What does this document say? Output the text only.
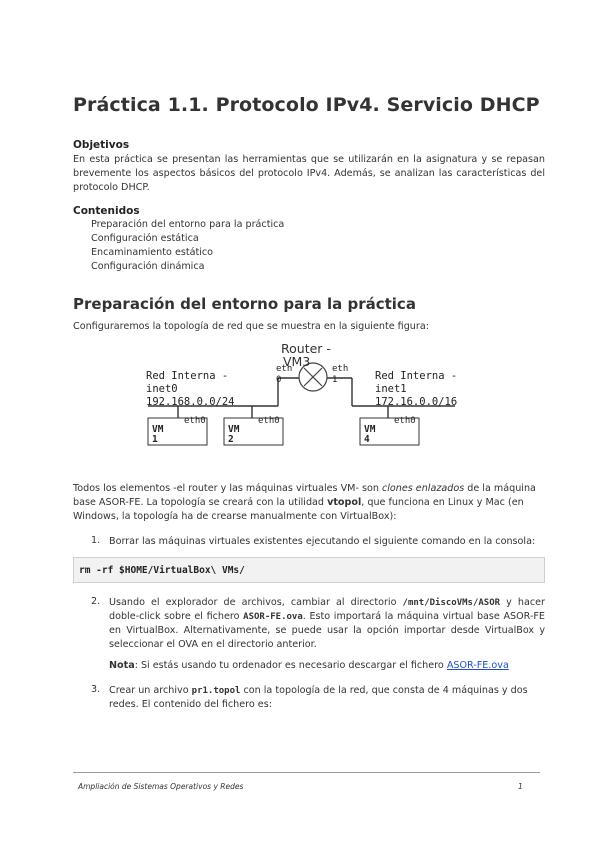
Práctica 1.1. Protocolo IPv4. Servicio DHCP
Objetivos
En esta práctica se presentan las herramientas que se utilizarán en la asignatura y se repasan brevemente los aspectos básicos del protocolo IPv4. Además, se analizan las características del protocolo DHCP.
Contenidos
Preparación del entorno para la práctica
Configuración estática
Encaminamiento estático
Configuración dinámica
Preparación del entorno para la práctica
Configuraremos la topología de red que se muestra en la siguiente figura:
Router -
VM3
eth
0
eth
1
Red Interna -
inet0
192.168.0.0/24
Red Interna -
inet1
172.16.0.0/16
VM
1
eth0
VM
2
eth0
VM
4
eth0
Todos los elementos -el router y las máquinas virtuales VM- son clones enlazados de la máquina base ASOR-FE. La topología se creará con la utilidad vtopol, que funciona en Linux y Mac (en Windows, la topología ha de crearse manualmente con VirtualBox):
1. Borrar las máquinas virtuales existentes ejecutando el siguiente comando en la consola:
rm -rf $HOME/VirtualBox\ VMs/
2. Usando el explorador de archivos, cambiar al directorio /mnt/DiscoVMs/ASOR y hacer doble-click sobre el fichero ASOR-FE.ova. Esto importará la máquina virtual base ASOR-FE en VirtualBox. Alternativamente, se puede usar la opción importar desde VirtualBox y seleccionar el OVA en el directorio anterior.
Nota: Si estás usando tu ordenador es necesario descargar el fichero ASOR-FE.ova
3. Crear un archivo pr1.topol con la topología de la red, que consta de 4 máquinas y dos redes. El contenido del fichero es:
Ampliación de Sistemas Operativos y Redes	1
